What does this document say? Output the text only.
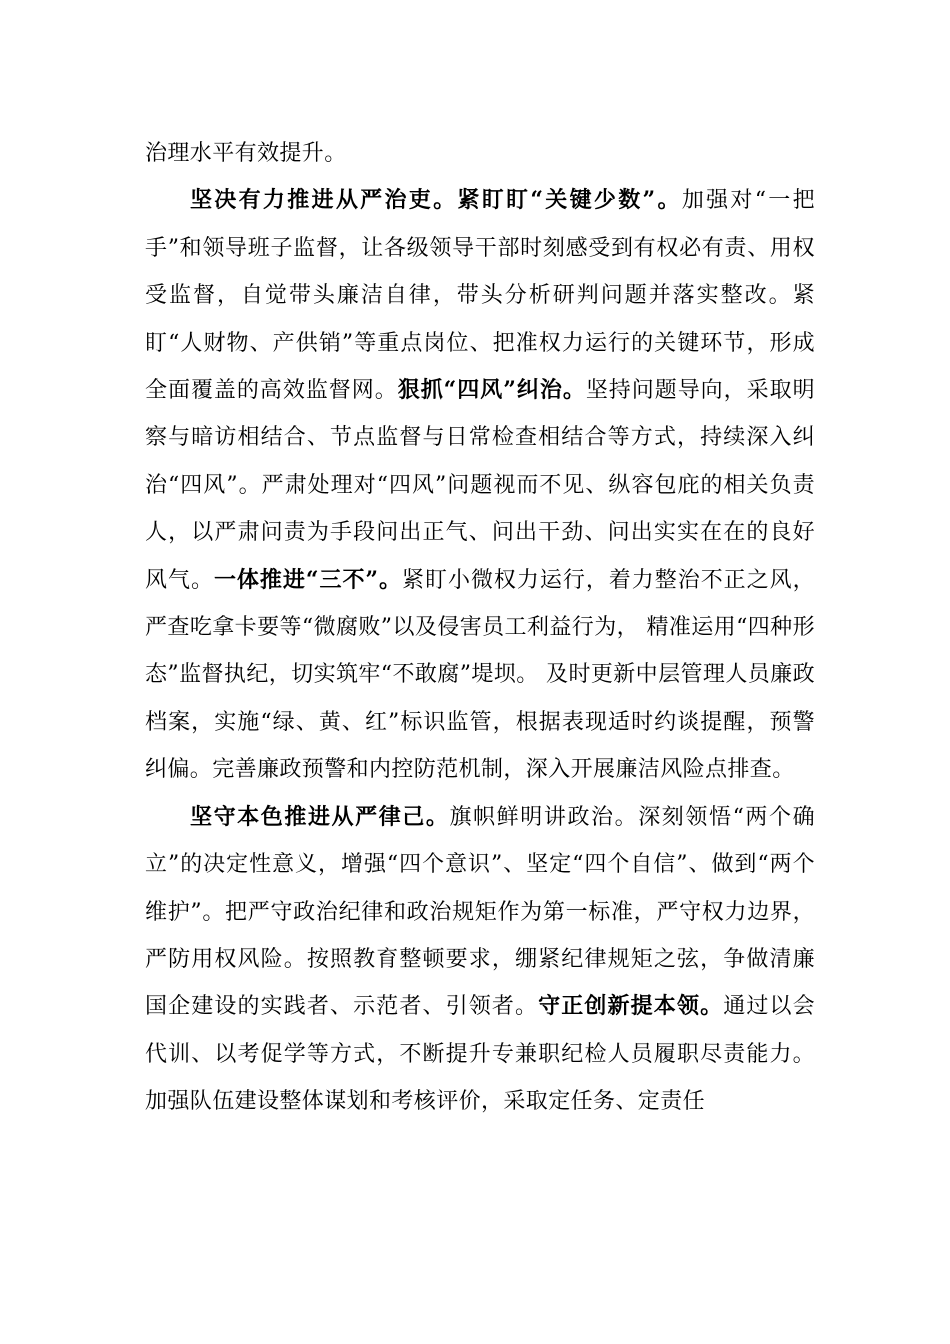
治理水平有效提升。

坚决有力推进从严治吏。紧盯盯“关键少数”。加强对“一把手”和领导班子监督，让各级领导干部时刻感受到有权必有责、用权受监督，自觉带头廉洁自律，带头分析研判问题并落实整改。紧盯“人财物、产供销”等重点岗位、把准权力运行的关键环节，形成全面覆盖的高效监督网。狠抓“四风”纠治。坚持问题导向，采取明察与暗访相结合、节点监督与日常检查相结合等方式，持续深入纠治“四风”。严肃处理对“四风”问题视而不见、纵容包庇的相关负责人，以严肃问责为手段问出正气、问出干劲、问出实实在在的良好风气。一体推进“三不”。紧盯小微权力运行，着力整治不正之风，严查吃拿卡要等“微腐败”以及侵害员工利益行为， 精准运用“四种形态”监督执纪，切实筑牢“不敢腐”堤坝。 及时更新中层管理人员廉政档案，实施“绿、黄、红”标识监管，根据表现适时约谈提醒，预警纠偏。完善廉政预警和内控防范机制，深入开展廉洁风险点排查。

坚守本色推进从严律己。旗帜鲜明讲政治。深刻领悟“两个确立”的决定性意义，增强“四个意识”、坚定“四个自信”、做到“两个维护”。把严守政治纪律和政治规矩作为第一标准，严守权力边界，严防用权风险。按照教育整顿要求，绷紧纪律规矩之弦，争做清廉国企建设的实践者、示范者、引领者。守正创新提本领。通过以会代训、以考促学等方式，不断提升专兼职纪检人员履职尽责能力。加强队伍建设整体谋划和考核评价，采取定任务、定责任
